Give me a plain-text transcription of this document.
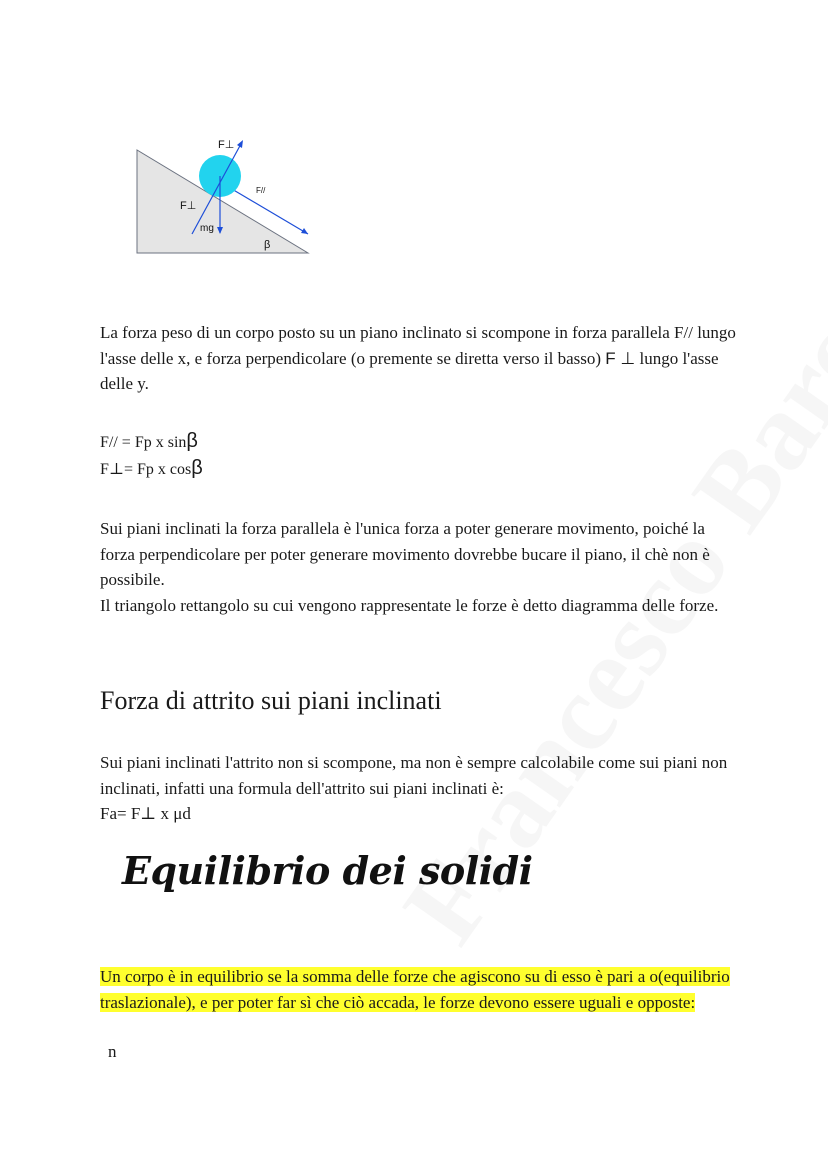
F⊥
F⊥
F//
mg
β

La forza peso di un corpo posto su un piano inclinato si scompone in forza parallela F// lungo l'asse delle x, e forza perpendicolare (o premente se diretta verso il basso) F ⊥ lungo l'asse delle y.

F// = Fp x sinβ

F⊥= Fp x cosβ

Sui piani inclinati la forza parallela è l'unica forza a poter generare movimento, poiché la forza perpendicolare per poter generare movimento dovrebbe bucare il piano, il chè non è possibile.
Il triangolo rettangolo su cui vengono rappresentate le forze è detto diagramma delle forze.
Forza di attrito sui piani inclinati
Sui piani inclinati l'attrito non si scompone, ma non è sempre calcolabile come sui piani non inclinati, infatti una formula dell'attrito sui piani inclinati è:
Fa= F⊥ x μd
Equilibrio dei solidi

Un corpo è in equilibrio se la somma delle forze che agiscono su di esso è pari a o(equilibrio traslazionale), e per poter far sì che ciò accada, le forze devono essere uguali e opposte:

n
